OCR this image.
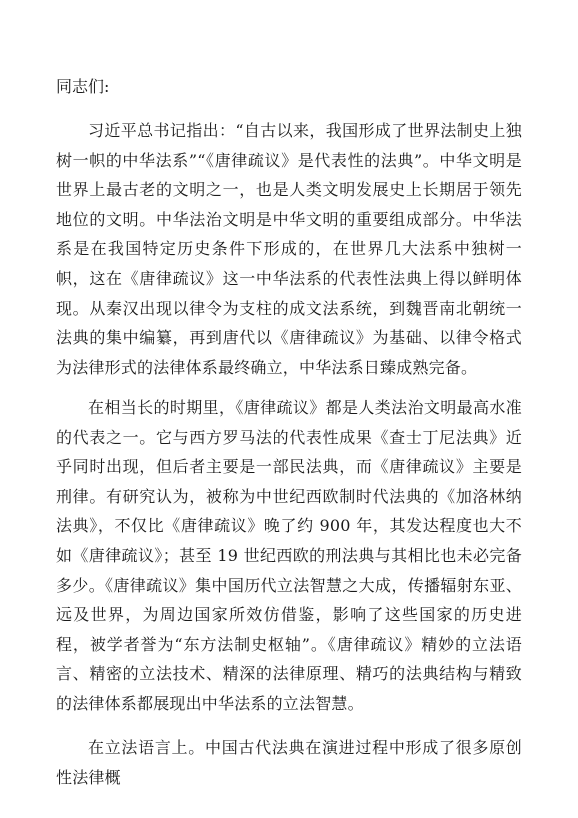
同志们:

习近平总书记指出：“自古以来，我国形成了世界法制史上独树一帜的中华法系”“《唐律疏议》是代表性的法典”。中华文明是世界上最古老的文明之一，也是人类文明发展史上长期居于领先地位的文明。中华法治文明是中华文明的重要组成部分。中华法系是在我国特定历史条件下形成的，在世界几大法系中独树一帜，这在《唐律疏议》这一中华法系的代表性法典上得以鲜明体现。从秦汉出现以律令为支柱的成文法系统，到魏晋南北朝统一法典的集中编纂，再到唐代以《唐律疏议》为基础、以律令格式为法律形式的法律体系最终确立，中华法系日臻成熟完备。

在相当长的时期里，《唐律疏议》都是人类法治文明最高水准的代表之一。它与西方罗马法的代表性成果《查士丁尼法典》近乎同时出现，但后者主要是一部民法典，而《唐律疏议》主要是刑律。有研究认为，被称为中世纪西欧制时代法典的《加洛林纳法典》，不仅比《唐律疏议》晚了约 900 年，其发达程度也大不如《唐律疏议》；甚至 19 世纪西欧的刑法典与其相比也未必完备多少。《唐律疏议》集中国历代立法智慧之大成，传播辐射东亚、远及世界，为周边国家所效仿借鉴，影响了这些国家的历史进程，被学者誉为“东方法制史枢轴”。《唐律疏议》精妙的立法语言、精密的立法技术、精深的法律原理、精巧的法典结构与精致的法律体系都展现出中华法系的立法智慧。

在立法语言上。中国古代法典在演进过程中形成了很多原创性法律概
